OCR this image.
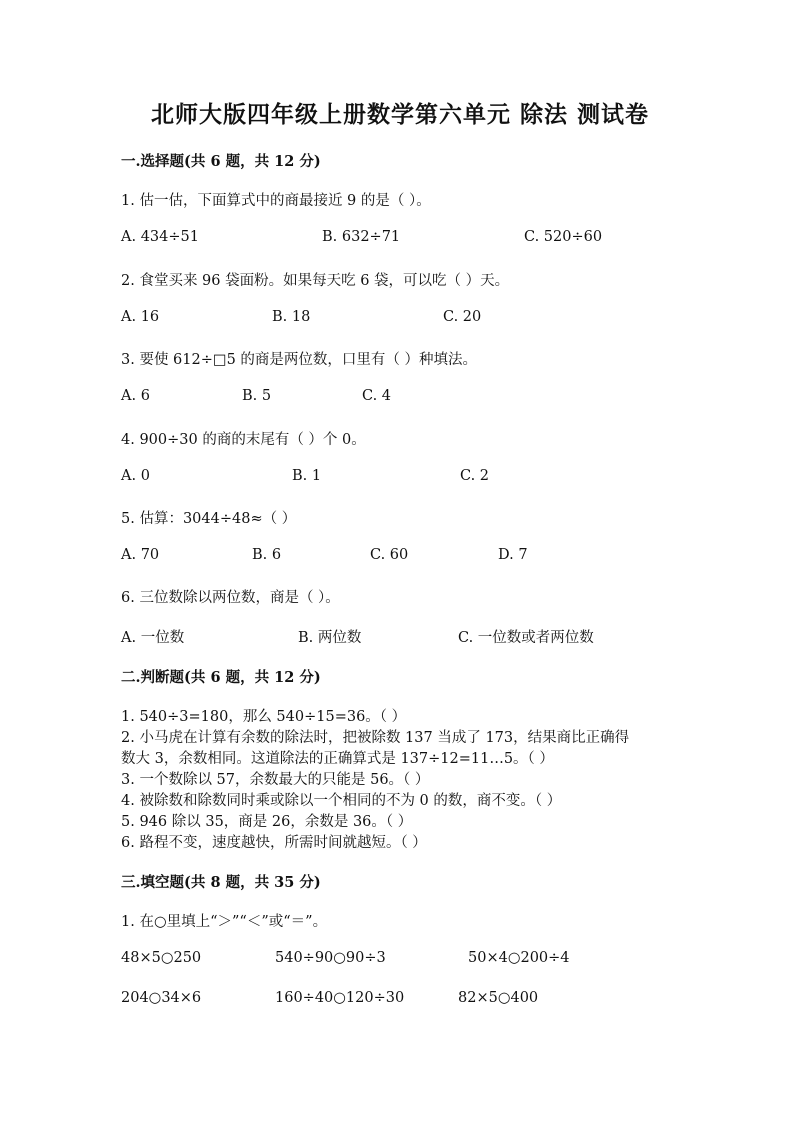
北师大版四年级上册数学第六单元 除法 测试卷
一.选择题(共 6 题，共 12 分)
1. 估一估，下面算式中的商最接近 9 的是（ ）。
A. 434÷51	B. 632÷71	C. 520÷60
2. 食堂买来 96 袋面粉。如果每天吃 6 袋，可以吃（ ）天。
A. 16	B. 18	C. 20
3. 要使 612÷□5 的商是两位数，口里有（ ）种填法。
A. 6	B. 5	C. 4
4. 900÷30 的商的末尾有（ ）个 0。
A. 0	B. 1	C. 2
5. 估算：3044÷48≈（ ）
A. 70	B. 6	C. 60	D. 7
6. 三位数除以两位数，商是（ ）。
A. 一位数	B. 两位数	C. 一位数或者两位数
二.判断题(共 6 题，共 12 分)
1. 540÷3=180，那么 540÷15=36。（ ）
2. 小马虎在计算有余数的除法时，把被除数 137 当成了 173，结果商比正确得
数大 3，余数相同。这道除法的正确算式是 137÷12=11…5。（ ）
3. 一个数除以 57，余数最大的只能是 56。（ ）
4. 被除数和除数同时乘或除以一个相同的不为 0 的数，商不变。（ ）
5. 946 除以 35，商是 26，余数是 36。（ ）
6. 路程不变，速度越快，所需时间就越短。（ ）
三.填空题(共 8 题，共 35 分)
1. 在○里填上“＞”“＜”或“＝”。
48×5○250	540÷90○90÷3	50×4○200÷4
204○34×6	160÷40○120÷30	82×5○400
